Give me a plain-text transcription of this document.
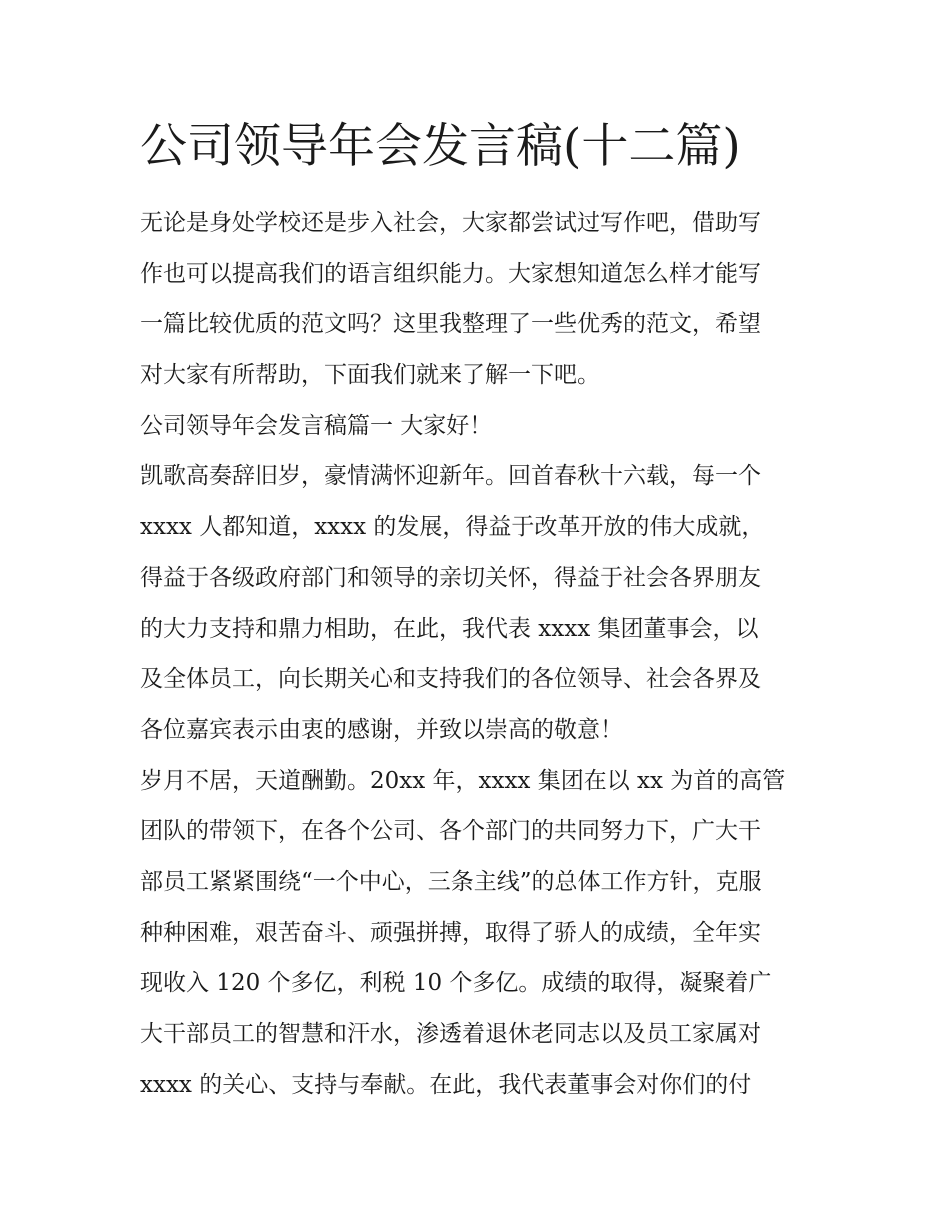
公司领导年会发言稿(十二篇)

无论是身处学校还是步入社会，大家都尝试过写作吧，借助写

作也可以提高我们的语言组织能力。大家想知道怎么样才能写

一篇比较优质的范文吗？这里我整理了一些优秀的范文，希望

对大家有所帮助，下面我们就来了解一下吧。

公司领导年会发言稿篇一 大家好！

凯歌高奏辞旧岁，豪情满怀迎新年。回首春秋十六载，每一个

xxxx 人都知道，xxxx 的发展，得益于改革开放的伟大成就，

得益于各级政府部门和领导的亲切关怀，得益于社会各界朋友

的大力支持和鼎力相助，在此，我代表 xxxx 集团董事会，以

及全体员工，向长期关心和支持我们的各位领导、社会各界及

各位嘉宾表示由衷的感谢，并致以崇高的敬意！

岁月不居，天道酬勤。20xx 年，xxxx 集团在以 xx 为首的高管

团队的带领下，在各个公司、各个部门的共同努力下，广大干

部员工紧紧围绕“一个中心，三条主线”的总体工作方针，克服

种种困难，艰苦奋斗、顽强拼搏，取得了骄人的成绩，全年实

现收入 120 个多亿，利税 10 个多亿。成绩的取得，凝聚着广

大干部员工的智慧和汗水，渗透着退休老同志以及员工家属对

xxxx 的关心、支持与奉献。在此，我代表董事会对你们的付
